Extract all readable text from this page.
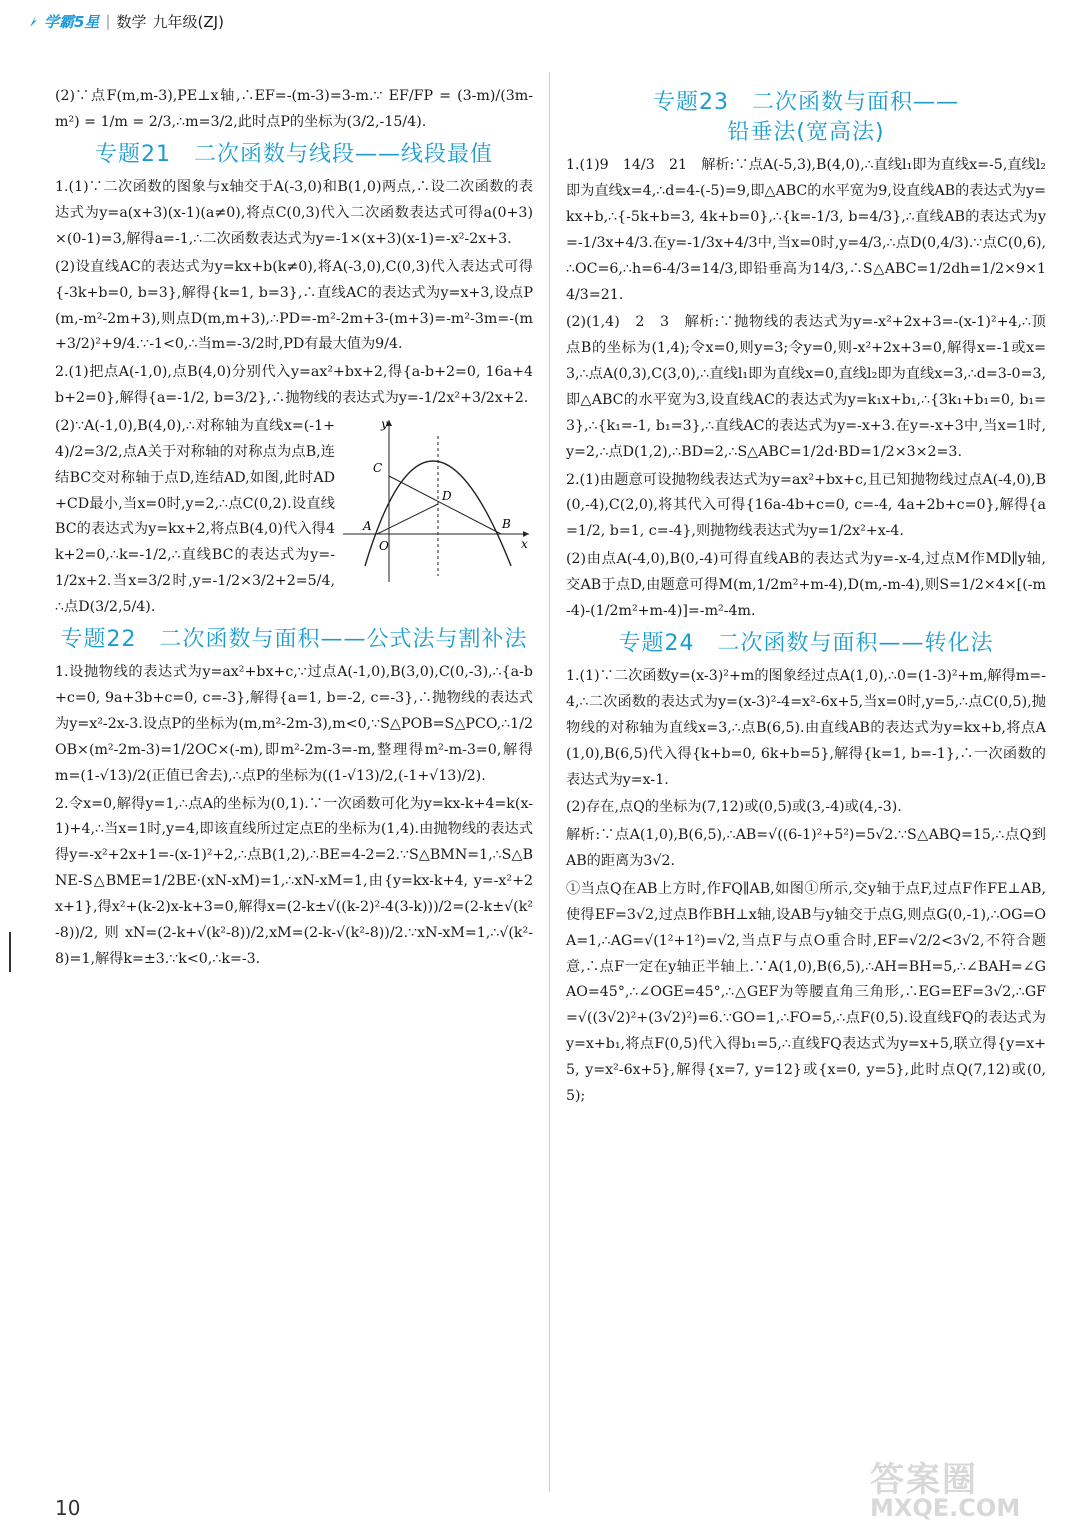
学霸5星 | 数学 九年级(ZJ)

(2)∵点F(m,m-3),PE⊥x轴,∴EF=-(m-3)=3-m.∵ EF/FP = (3-m)/(3m-m²) = 1/m = 2/3,∴m=3/2,此时点P的坐标为(3/2,-15/4).

专题21　二次函数与线段——线段最值

1.(1)∵二次函数的图象与x轴交于A(-3,0)和B(1,0)两点,∴设二次函数的表达式为y=a(x+3)(x-1)(a≠0),将点C(0,3)代入二次函数表达式可得a(0+3)×(0-1)=3,解得a=-1,∴二次函数表达式为y=-1×(x+3)(x-1)=-x²-2x+3.

(2)设直线AC的表达式为y=kx+b(k≠0),将A(-3,0),C(0,3)代入表达式可得{-3k+b=0, b=3},解得{k=1, b=3},∴直线AC的表达式为y=x+3,设点P(m,-m²-2m+3),则点D(m,m+3),∴PD=-m²-2m+3-(m+3)=-m²-3m=-(m+3/2)²+9/4.∵-1<0,∴当m=-3/2时,PD有最大值为9/4.

2.(1)把点A(-1,0),点B(4,0)分别代入y=ax²+bx+2,得{a-b+2=0, 16a+4b+2=0},解得{a=-1/2, b=3/2},∴抛物线的表达式为y=-1/2x²+3/2x+2.

y
C
D
A
O
B
x

(2)∵A(-1,0),B(4,0),∴对称轴为直线x=(-1+4)/2=3/2,点A关于对称轴的对称点为点B,连结BC交对称轴于点D,连结AD,如图,此时AD+CD最小,当x=0时,y=2,∴点C(0,2).设直线BC的表达式为y=kx+2,将点B(4,0)代入得4k+2=0,∴k=-1/2,∴直线BC的表达式为y=-1/2x+2.当x=3/2时,y=-1/2×3/2+2=5/4,∴点D(3/2,5/4).

专题22　二次函数与面积——公式法与割补法

1.设抛物线的表达式为y=ax²+bx+c,∵过点A(-1,0),B(3,0),C(0,-3),∴{a-b+c=0, 9a+3b+c=0, c=-3},解得{a=1, b=-2, c=-3},∴抛物线的表达式为y=x²-2x-3.设点P的坐标为(m,m²-2m-3),m<0,∵S△POB=S△PCO,∴1/2OB×(m²-2m-3)=1/2OC×(-m),即m²-2m-3=-m,整理得m²-m-3=0,解得m=(1-√13)/2(正值已舍去),∴点P的坐标为((1-√13)/2,(-1+√13)/2).

2.令x=0,解得y=1,∴点A的坐标为(0,1).∵一次函数可化为y=kx-k+4=k(x-1)+4,∴当x=1时,y=4,即该直线所过定点E的坐标为(1,4).由抛物线的表达式得y=-x²+2x+1=-(x-1)²+2,∴点B(1,2),∴BE=4-2=2.∵S△BMN=1,∴S△BNE-S△BME=1/2BE·(xN-xM)=1,∴xN-xM=1,由{y=kx-k+4, y=-x²+2x+1},得x²+(k-2)x-k+3=0,解得x=(2-k±√((k-2)²-4(3-k)))/2=(2-k±√(k²-8))/2,则xN=(2-k+√(k²-8))/2,xM=(2-k-√(k²-8))/2.∵xN-xM=1,∴√(k²-8)=1,解得k=±3.∵k<0,∴k=-3.

专题23　二次函数与面积——
铅垂法(宽高法)

1.(1)9　14/3　21　解析:∵点A(-5,3),B(4,0),∴直线l₁即为直线x=-5,直线l₂即为直线x=4,∴d=4-(-5)=9,即△ABC的水平宽为9,设直线AB的表达式为y=kx+b,∴{-5k+b=3, 4k+b=0},∴{k=-1/3, b=4/3},∴直线AB的表达式为y=-1/3x+4/3.在y=-1/3x+4/3中,当x=0时,y=4/3,∴点D(0,4/3).∵点C(0,6),∴OC=6,∴h=6-4/3=14/3,即铅垂高为14/3,∴S△ABC=1/2dh=1/2×9×14/3=21.

(2)(1,4)　2　3　解析:∵抛物线的表达式为y=-x²+2x+3=-(x-1)²+4,∴顶点B的坐标为(1,4);令x=0,则y=3;令y=0,则-x²+2x+3=0,解得x=-1或x=3,∴点A(0,3),C(3,0),∴直线l₁即为直线x=0,直线l₂即为直线x=3,∴d=3-0=3,即△ABC的水平宽为3,设直线AC的表达式为y=k₁x+b₁,∴{3k₁+b₁=0, b₁=3},∴{k₁=-1, b₁=3},∴直线AC的表达式为y=-x+3.在y=-x+3中,当x=1时,y=2,∴点D(1,2),∴BD=2,∴S△ABC=1/2d·BD=1/2×3×2=3.

2.(1)由题意可设抛物线表达式为y=ax²+bx+c,且已知抛物线过点A(-4,0),B(0,-4),C(2,0),将其代入可得{16a-4b+c=0, c=-4, 4a+2b+c=0},解得{a=1/2, b=1, c=-4},则抛物线表达式为y=1/2x²+x-4.

(2)由点A(-4,0),B(0,-4)可得直线AB的表达式为y=-x-4,过点M作MD∥y轴,交AB于点D,由题意可得M(m,1/2m²+m-4),D(m,-m-4),则S=1/2×4×[(-m-4)-(1/2m²+m-4)]=-m²-4m.

专题24　二次函数与面积——转化法

1.(1)∵二次函数y=(x-3)²+m的图象经过点A(1,0),∴0=(1-3)²+m,解得m=-4,∴二次函数的表达式为y=(x-3)²-4=x²-6x+5,当x=0时,y=5,∴点C(0,5),抛物线的对称轴为直线x=3,∴点B(6,5).由直线AB的表达式为y=kx+b,将点A(1,0),B(6,5)代入得{k+b=0, 6k+b=5},解得{k=1, b=-1},∴一次函数的表达式为y=x-1.

(2)存在,点Q的坐标为(7,12)或(0,5)或(3,-4)或(4,-3).

解析:∵点A(1,0),B(6,5),∴AB=√((6-1)²+5²)=5√2.∵S△ABQ=15,∴点Q到AB的距离为3√2.

①当点Q在AB上方时,作FQ∥AB,如图①所示,交y轴于点F,过点F作FE⊥AB,使得EF=3√2,过点B作BH⊥x轴,设AB与y轴交于点G,则点G(0,-1),∴OG=OA=1,∴AG=√(1²+1²)=√2,当点F与点O重合时,EF=√2/2<3√2,不符合题意,∴点F一定在y轴正半轴上.∵A(1,0),B(6,5),∴AH=BH=5,∴∠BAH=∠GAO=45°,∴∠OGE=45°,∴△GEF为等腰直角三角形,∴EG=EF=3√2,∴GF=√((3√2)²+(3√2)²)=6.∵GO=1,∴FO=5,∴点F(0,5).设直线FQ的表达式为y=x+b₁,将点F(0,5)代入得b₁=5,∴直线FQ表达式为y=x+5,联立得{y=x+5, y=x²-6x+5},解得{x=7, y=12}或{x=0, y=5},此时点Q(7,12)或(0,5);

10
答案圈
MXQE.COM
